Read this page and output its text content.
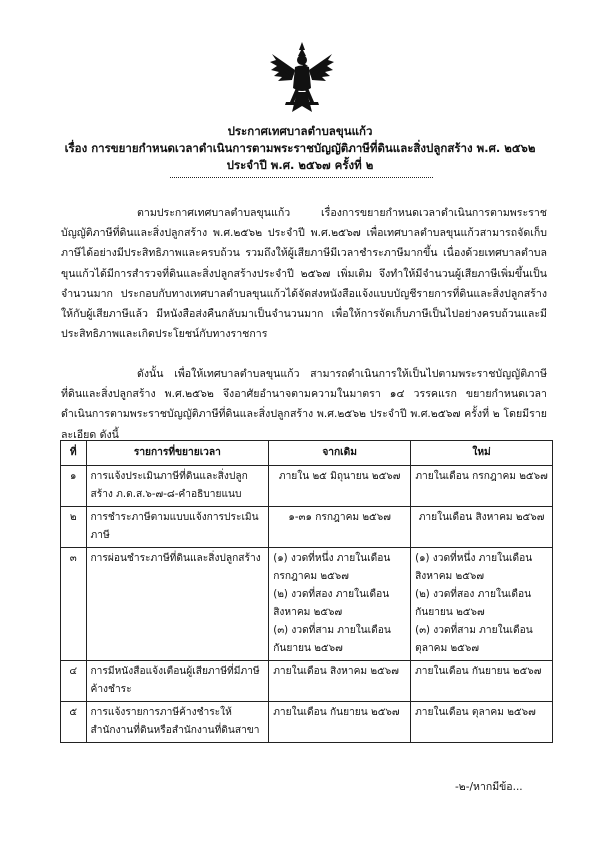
ประกาศเทศบาลตำบลขุนแก้ว
เรื่อง การขยายกำหนดเวลาดำเนินการตามพระราชบัญญัติภาษีที่ดินและสิ่งปลูกสร้าง พ.ศ. ๒๕๖๒
ประจำปี พ.ศ. ๒๕๖๗ ครั้งที่ ๒
ตามประกาศเทศบาลตำบลขุนแก้ว เรื่องการขยายกำหนดเวลาดำเนินการตามพระราชบัญญัติภาษีที่ดินและสิ่งปลูกสร้าง พ.ศ.๒๕๖๒ ประจำปี พ.ศ.๒๕๖๗ เพื่อเทศบาลตำบลขุนแก้วสามารถจัดเก็บภาษีได้อย่างมีประสิทธิภาพและครบถ้วน รวมถึงให้ผู้เสียภาษีมีเวลาชำระภาษีมากขึ้น เนื่องด้วยเทศบาลตำบลขุนแก้วได้มีการสำรวจที่ดินและสิ่งปลูกสร้างประจำปี ๒๕๖๗ เพิ่มเติม จึงทำให้มีจำนวนผู้เสียภาษีเพิ่มขึ้นเป็นจำนวนมาก ประกอบกับทางเทศบาลตำบลขุนแก้วได้จัดส่งหนังสือแจ้งแบบบัญชีรายการที่ดินและสิ่งปลูกสร้างให้กับผู้เสียภาษีแล้ว มีหนังสือส่งคืนกลับมาเป็นจำนวนมาก เพื่อให้การจัดเก็บภาษีเป็นไปอย่างครบถ้วนและมีประสิทธิภาพและเกิดประโยชน์กับทางราชการ
ดังนั้น เพื่อให้เทศบาลตำบลขุนแก้ว สามารถดำเนินการให้เป็นไปตามพระราชบัญญัติภาษีที่ดินและสิ่งปลูกสร้าง พ.ศ.๒๕๖๒ จึงอาศัยอำนาจตามความในมาตรา ๑๔ วรรคแรก ขยายกำหนดเวลาดำเนินการตามพระราชบัญญัติภาษีที่ดินและสิ่งปลูกสร้าง พ.ศ.๒๕๖๒ ประจำปี พ.ศ.๒๕๖๗ ครั้งที่ ๒ โดยมีรายละเอียด ดังนี้
ที่	รายการที่ขยายเวลา	จากเดิม	ใหม่
๑	การแจ้งประเมินภาษีที่ดินและสิ่งปลูกสร้าง ภ.ด.ส.๖-๗-๘-คำอธิบายแนบ	ภายใน ๒๕ มิถุนายน ๒๕๖๗	ภายในเดือน กรกฎาคม ๒๕๖๗
๒	การชำระภาษีตามแบบแจ้งการประเมินภาษี	๑-๓๑ กรกฎาคม ๒๕๖๗	ภายในเดือน สิงหาคม ๒๕๖๗
๓	การผ่อนชำระภาษีที่ดินและสิ่งปลูกสร้าง	(๑) งวดที่หนึ่ง ภายในเดือน กรกฎาคม ๒๕๖๗
(๒) งวดที่สอง ภายในเดือน สิงหาคม ๒๕๖๗
(๓) งวดที่สาม ภายในเดือน กันยายน ๒๕๖๗	(๑) งวดที่หนึ่ง ภายในเดือน สิงหาคม ๒๕๖๗
(๒) งวดที่สอง ภายในเดือน กันยายน ๒๕๖๗
(๓) งวดที่สาม ภายในเดือนตุลาคม ๒๕๖๗

๔	การมีหนังสือแจ้งเตือนผู้เสียภาษีที่มีภาษีค้างชำระ	ภายในเดือน สิงหาคม ๒๕๖๗	ภายในเดือน กันยายน ๒๕๖๗
๕	การแจ้งรายการภาษีค้างชำระให้สำนักงานที่ดินหรือสำนักงานที่ดินสาขา	ภายในเดือน กันยายน ๒๕๖๗	ภายในเดือน ตุลาคม ๒๕๖๗
-๒-/หากมีข้อ...
